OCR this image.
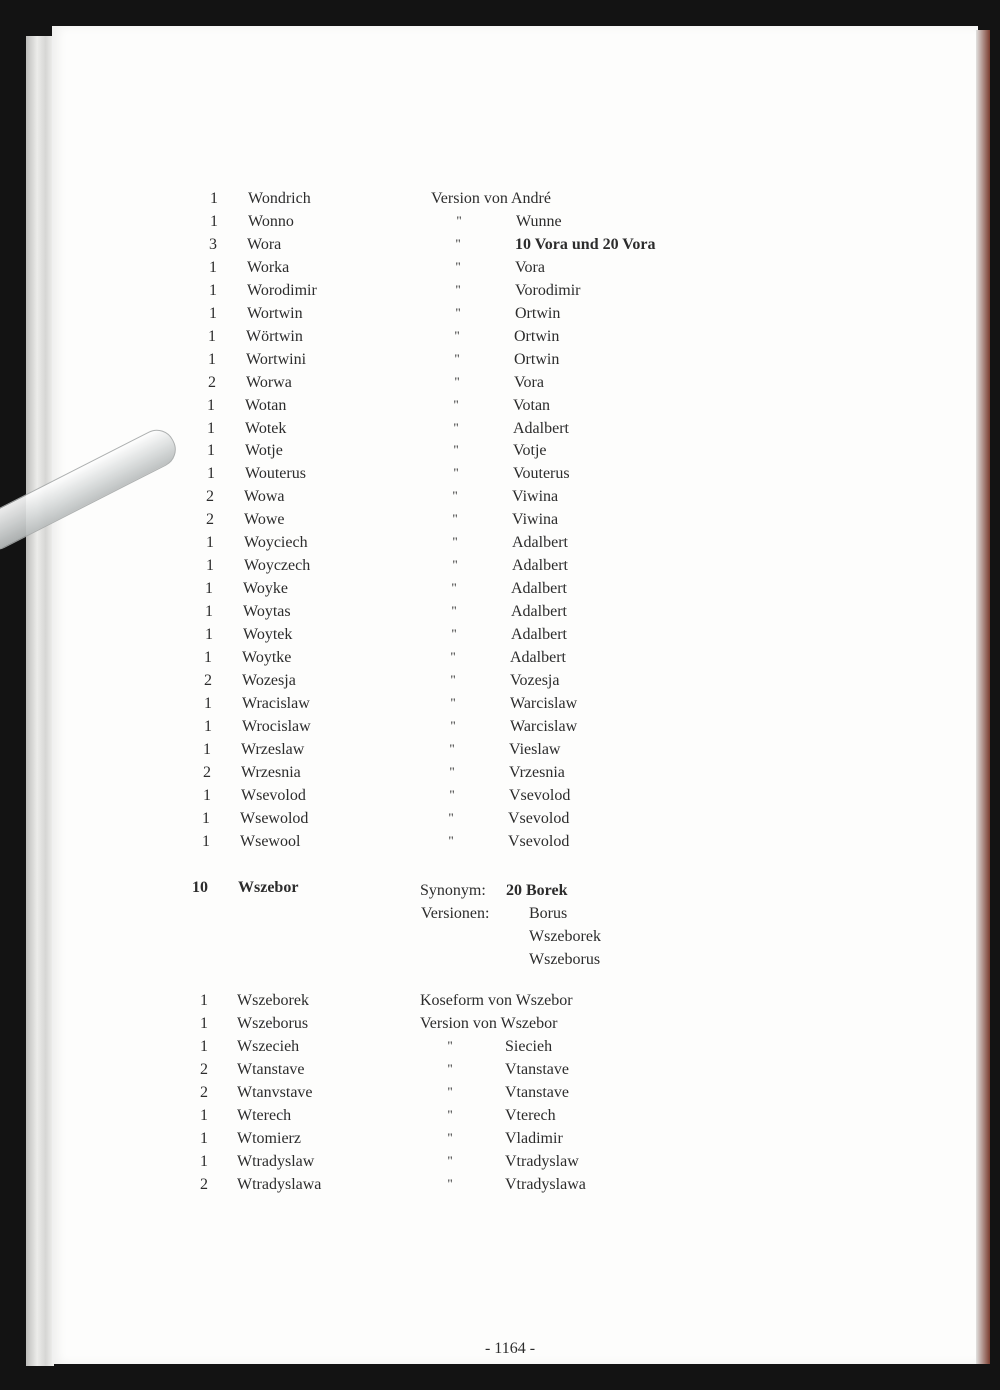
1	Wondrich	Version von André
1	Wonno	"	Wunne
3	Wora	"	10 Vora und 20 Vora
1	Worka	"	Vora
1	Worodimir	"	Vorodimir
1	Wortwin	"	Ortwin
1	Wörtwin	"	Ortwin
1	Wortwini	"	Ortwin
2	Worwa	"	Vora
1	Wotan	"	Votan
1	Wotek	"	Adalbert
1	Wotje	"	Votje
1	Wouterus	"	Vouterus
2	Wowa	"	Viwina
2	Wowe	"	Viwina
1	Woyciech	"	Adalbert
1	Woyczech	"	Adalbert
1	Woyke	"	Adalbert
1	Woytas	"	Adalbert
1	Woytek	"	Adalbert
1	Woytke	"	Adalbert
2	Wozesja	"	Vozesja
1	Wracislaw	"	Warcislaw
1	Wrocislaw	"	Warcislaw
1	Wrzeslaw	"	Vieslaw
2	Wrzesnia	"	Vrzesnia
1	Wsevolod	"	Vsevolod
1	Wsewolod	"	Vsevolod
1	Wsewool	"	Vsevolod
10	Wszebor	Synonym: 20 Borek
Versionen: Borus
Wszeborek
Wszeborus
1	Wszeborek	Koseform von Wszebor
1	Wszeborus	Version von Wszebor
1	Wszecieh	"	Siecieh
2	Wtanstave	"	Vtanstave
2	Wtanvstave	"	Vtanstave
1	Wterech	"	Vterech
1	Wtomierz	"	Vladimir
1	Wtradyslaw	"	Vtradyslaw
2	Wtradyslawa	"	Vtradyslawa
- 1164 -
